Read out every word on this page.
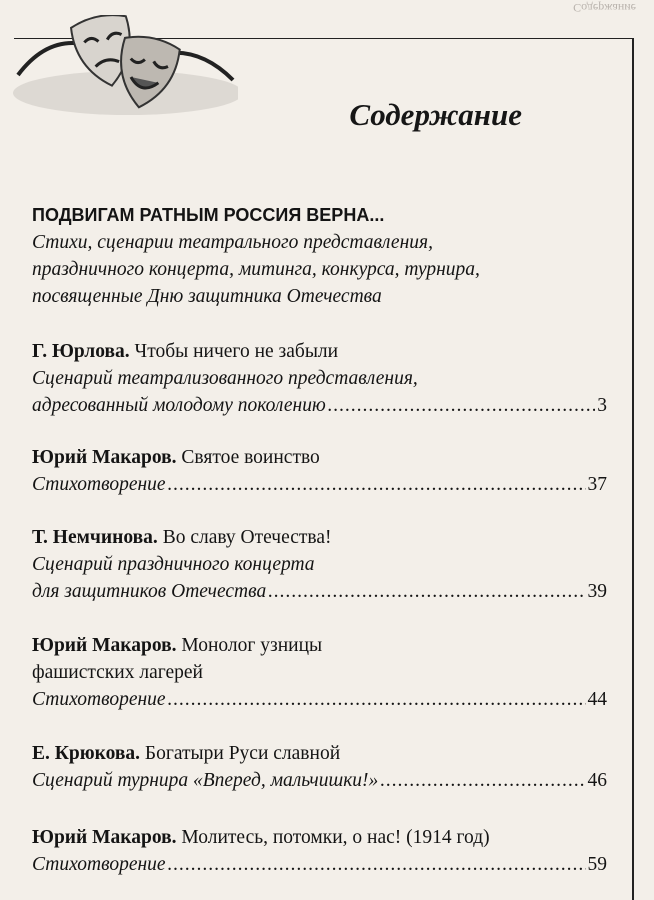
Содержание

Содержание
ПОДВИГАМ РАТНЫМ РОССИЯ ВЕРНА...
Стихи, сценарии театрального представления,
праздничного концерта, митинга, конкурса, турнира,
посвященные Дню защитника Отечества
Г. Юрлова. Чтобы ничего не забыли
Сценарий театрализованного представления,
адресованный молодому поколению .....	3
Юрий Макаров. Святое воинство
Стихотворение .....	37
Т. Немчинова. Во славу Отечества!
Сценарий праздничного концерта
для защитников Отечества .....	39
Юрий Макаров. Монолог узницы
фашистских лагерей
Стихотворение .....	44
Е. Крюкова. Богатыри Руси славной
Сценарий турнира «Вперед, мальчишки!» .....	46
Юрий Макаров. Молитесь, потомки, о нас! (1914 год)
Стихотворение .....	59
